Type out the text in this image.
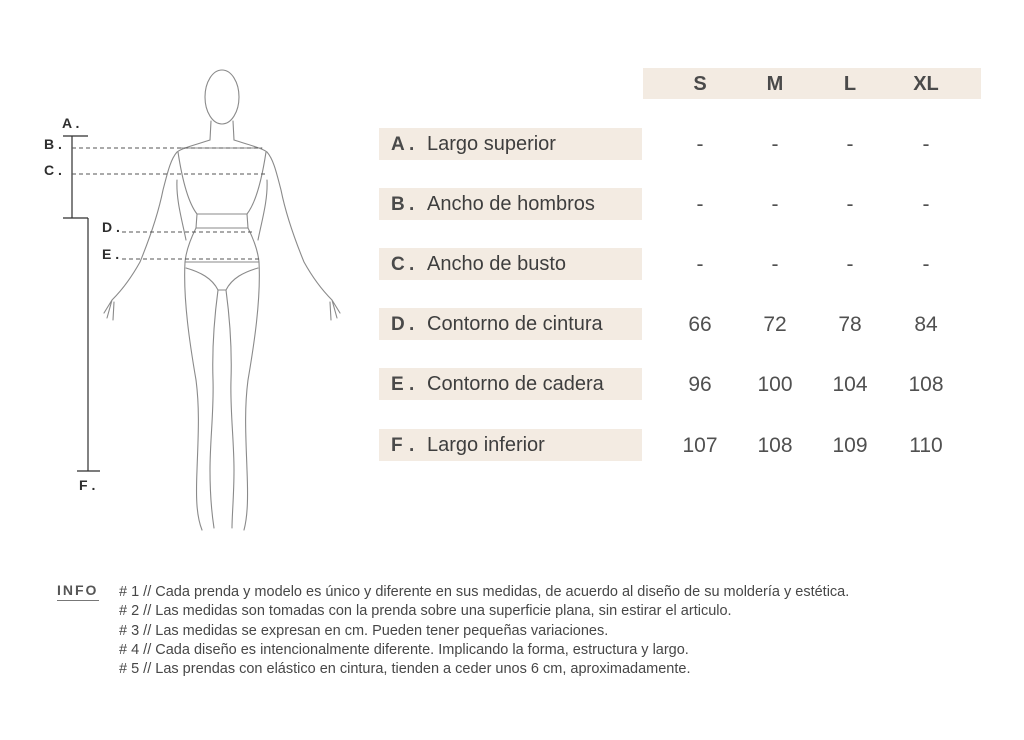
A .
B .
C .
D .
E .
F .
S	M	L	XL
A . Largo superior	-	-	-	-
B . Ancho de hombros	-	-	-	-
C . Ancho de busto	-	-	-	-
D . Contorno de cintura	66	72	78	84
E . Contorno de cadera	96	100	104	108
F . Largo inferior	107	108	109	110
INFO # 1 // Cada prenda y modelo es único y diferente en sus medidas, de acuerdo al diseño de su moldería y estética.
# 2 // Las medidas son tomadas con la prenda sobre una superficie plana, sin estirar el articulo.
# 3 // Las medidas se expresan en cm. Pueden tener pequeñas variaciones.
# 4 // Cada diseño es intencionalmente diferente. Implicando la forma, estructura y largo.
# 5 // Las prendas con elástico en cintura, tienden a ceder unos 6 cm, aproximadamente.
